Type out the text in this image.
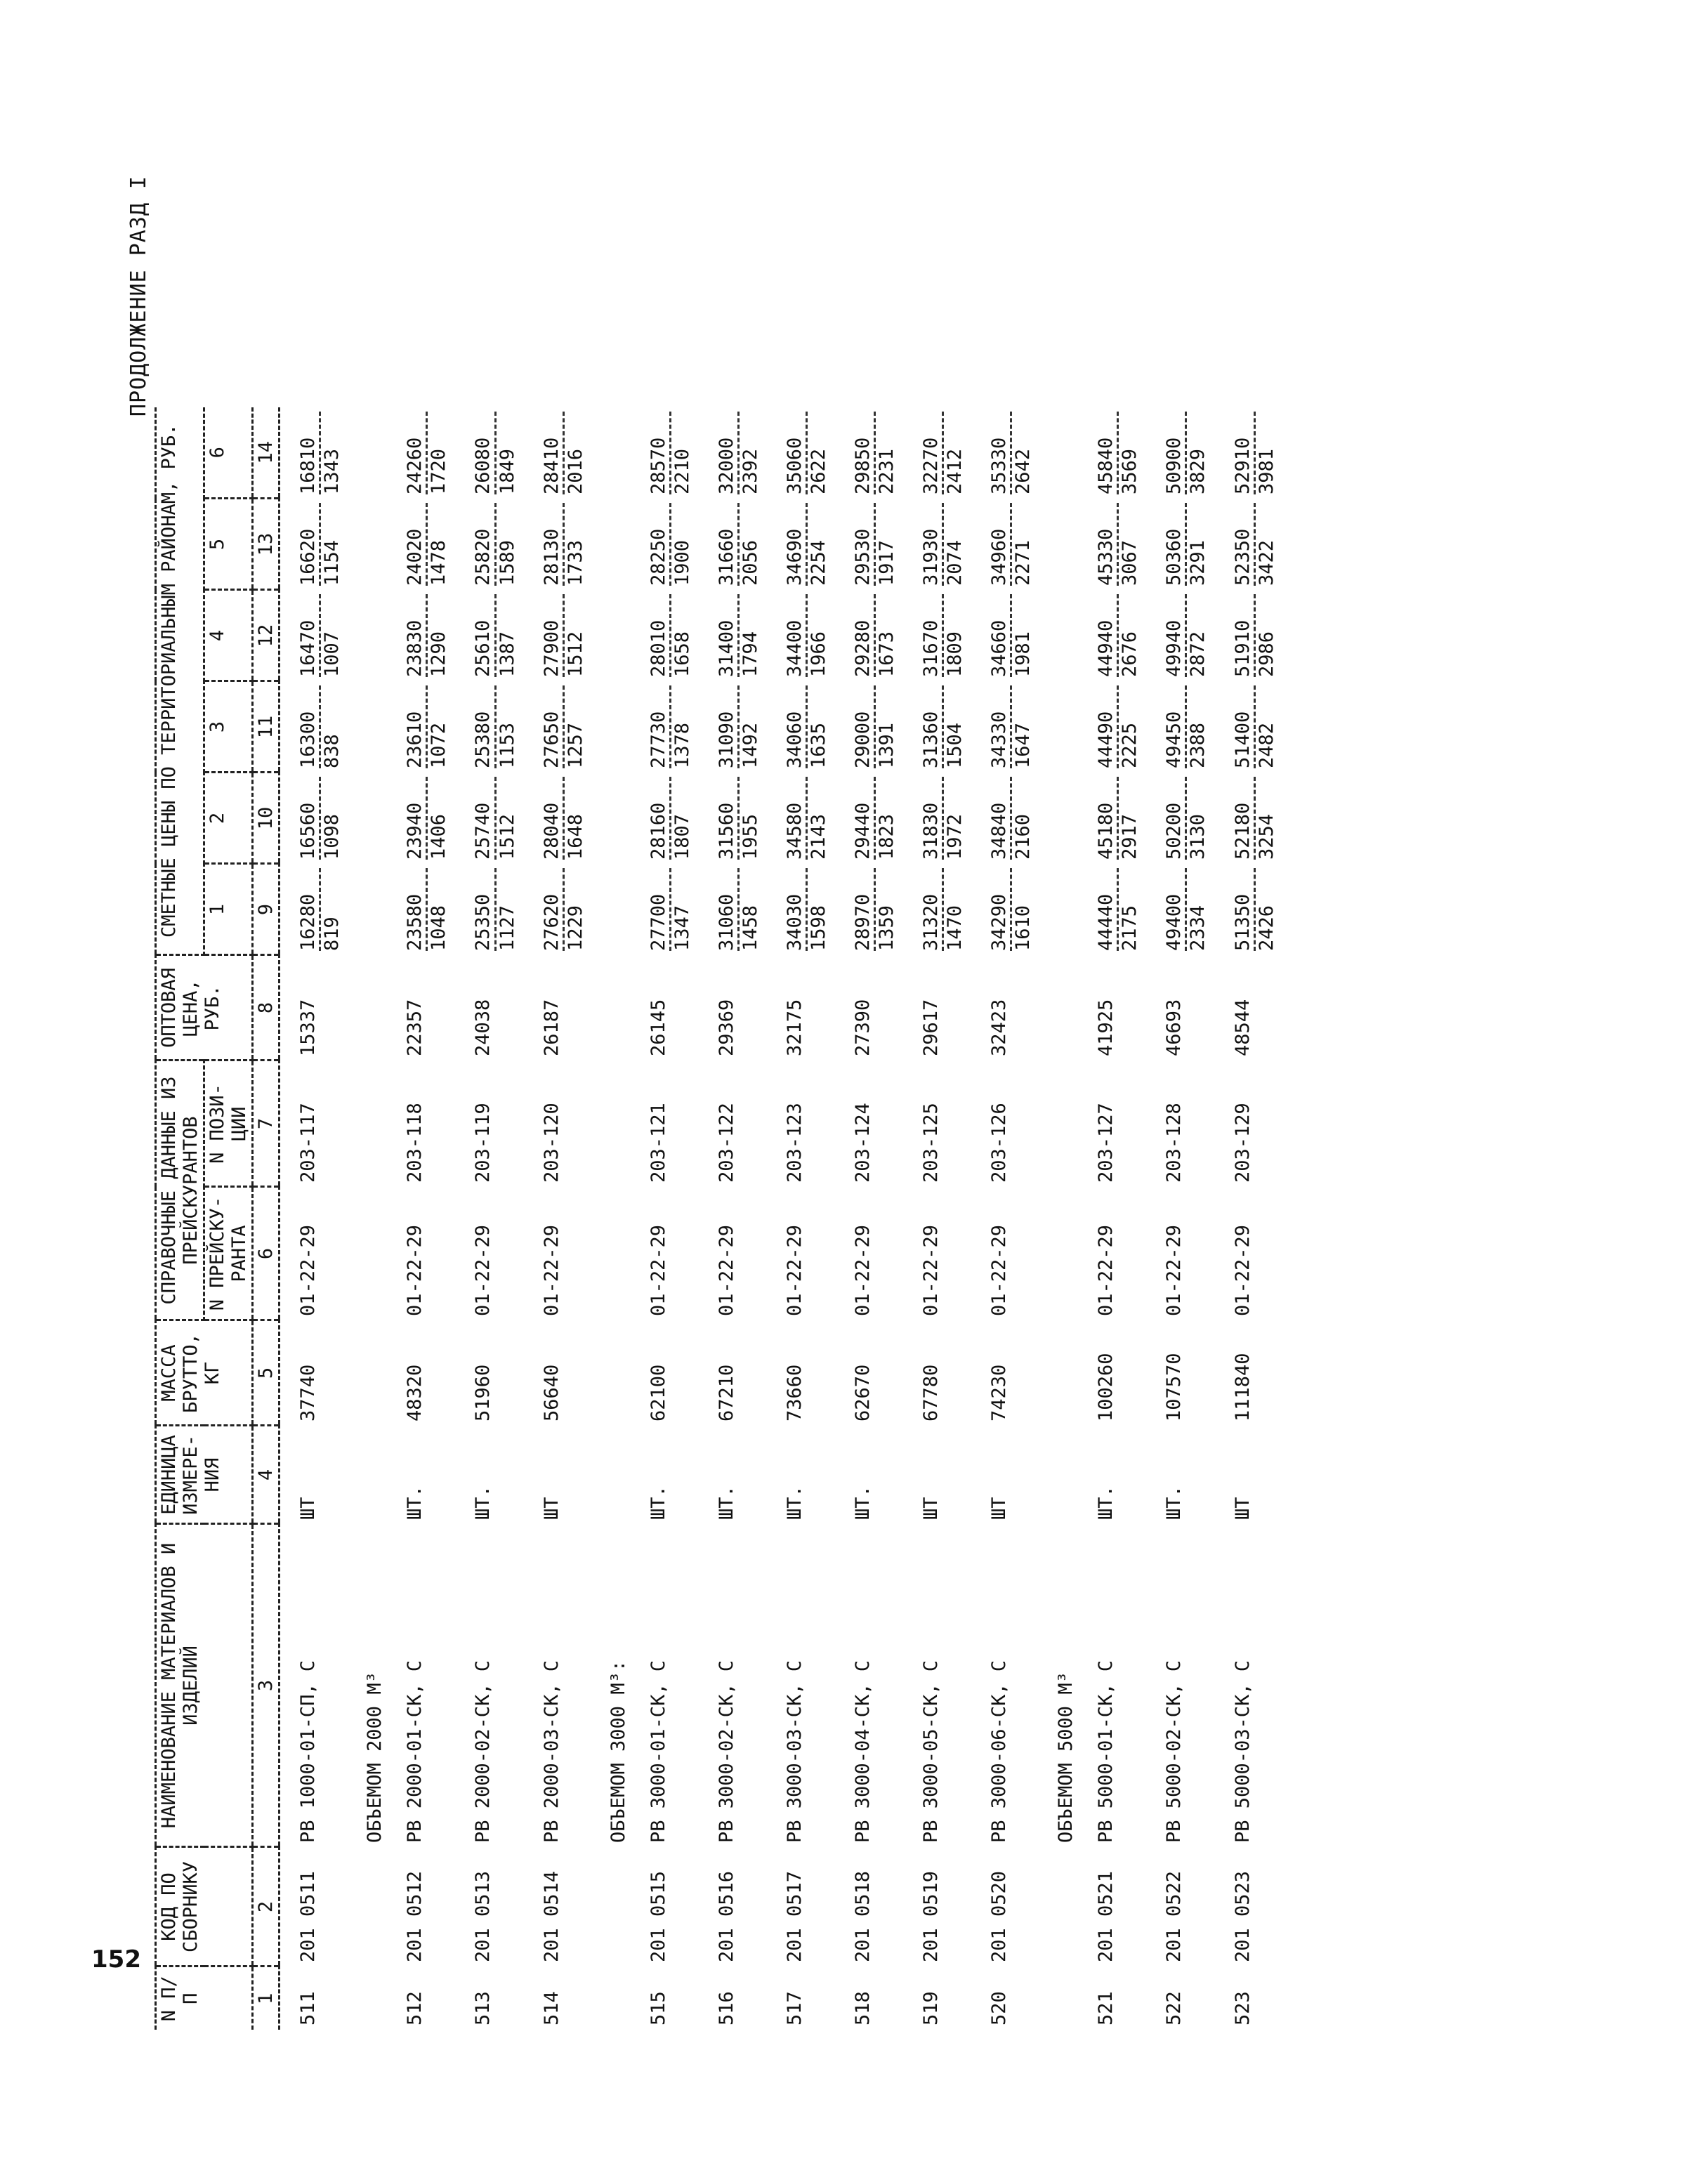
152
ПРОДОЛЖЕНИЕ РАЗД I
N П/П	КОД ПО СБОРНИКУ	НАИМЕНОВАНИЕ МАТЕРИАЛОВ И ИЗДЕЛИЙ	ЕДИНИЦА ИЗМЕРЕ- НИЯ	МАССА БРУТТО, КГ	СПРАВОЧНЫЕ ДАННЫЕ ИЗ ПРЕЙСКУРАНТОВ		ОПТОВАЯ ЦЕНА, РУБ.	СМЕТНЫЕ ЦЕНЫ ПО ТЕРРИТОРИАЛЬНЫМ РАЙОНАМ, РУБ.					
					N ПРЕЙСКУ- РАНТА	N ПОЗИ- ЦИИ		1	2	3	4	5	6
1	2	3	4	5	6	7	8	9	10	11	12	13	14
511	201 0511	РВ 1000-01-СП, С	ШТ	37740	01-22-29	203-117	15337	16280 819	16560 1098	16300 838	16470 1007	16620 1154	16810 1343

		ОБЪЕМОМ 2000 М³											
512	201 0512	РВ 2000-01-СК, С	ШТ.	48320	01-22-29	203-118	22357	23580 1048	23940 1406	23610 1072	23830 1290	24020 1478	24260 1720

513	201 0513	РВ 2000-02-СК, С	ШТ.	51960	01-22-29	203-119	24038	25350 1127	25740 1512	25380 1153	25610 1387	25820 1589	26080 1849

514	201 0514	РВ 2000-03-СК, С	ШТ	56640	01-22-29	203-120	26187	27620 1229	28040 1648	27650 1257	27900 1512	28130 1733	28410 2016

		ОБЪЕМОМ 3000 М³:											
515	201 0515	РВ 3000-01-СК, С	ШТ.	62100	01-22-29	203-121	26145	27700 1347	28160 1807	27730 1378	28010 1658	28250 1900	28570 2210

516	201 0516	РВ 3000-02-СК, С	ШТ.	67210	01-22-29	203-122	29369	31060 1458	31560 1955	31090 1492	31400 1794	31660 2056	32000 2392

517	201 0517	РВ 3000-03-СК, С	ШТ.	73660	01-22-29	203-123	32175	34030 1598	34580 2143	34060 1635	34400 1966	34690 2254	35060 2622

518	201 0518	РВ 3000-04-СК, С	ШТ.	62670	01-22-29	203-124	27390	28970 1359	29440 1823	29000 1391	29280 1673	29530 1917	29850 2231

519	201 0519	РВ 3000-05-СК, С	ШТ	67780	01-22-29	203-125	29617	31320 1470	31830 1972	31360 1504	31670 1809	31930 2074	32270 2412

520	201 0520	РВ 3000-06-СК, С	ШТ	74230	01-22-29	203-126	32423	34290 1610	34840 2160	34330 1647	34660 1981	34960 2271	35330 2642

		ОБЪЕМОМ 5000 М³											
521	201 0521	РВ 5000-01-СК, С	ШТ.	100260	01-22-29	203-127	41925	44440 2175	45180 2917	44490 2225	44940 2676	45330 3067	45840 3569

522	201 0522	РВ 5000-02-СК, С	ШТ.	107570	01-22-29	203-128	46693	49400 2334	50200 3130	49450 2388	49940 2872	50360 3291	50900 3829

523	201 0523	РВ 5000-03-СК, С	ШТ	111840	01-22-29	203-129	48544	51350 2426	52180 3254	51400 2482	51910 2986	52350 3422	52910 3981
